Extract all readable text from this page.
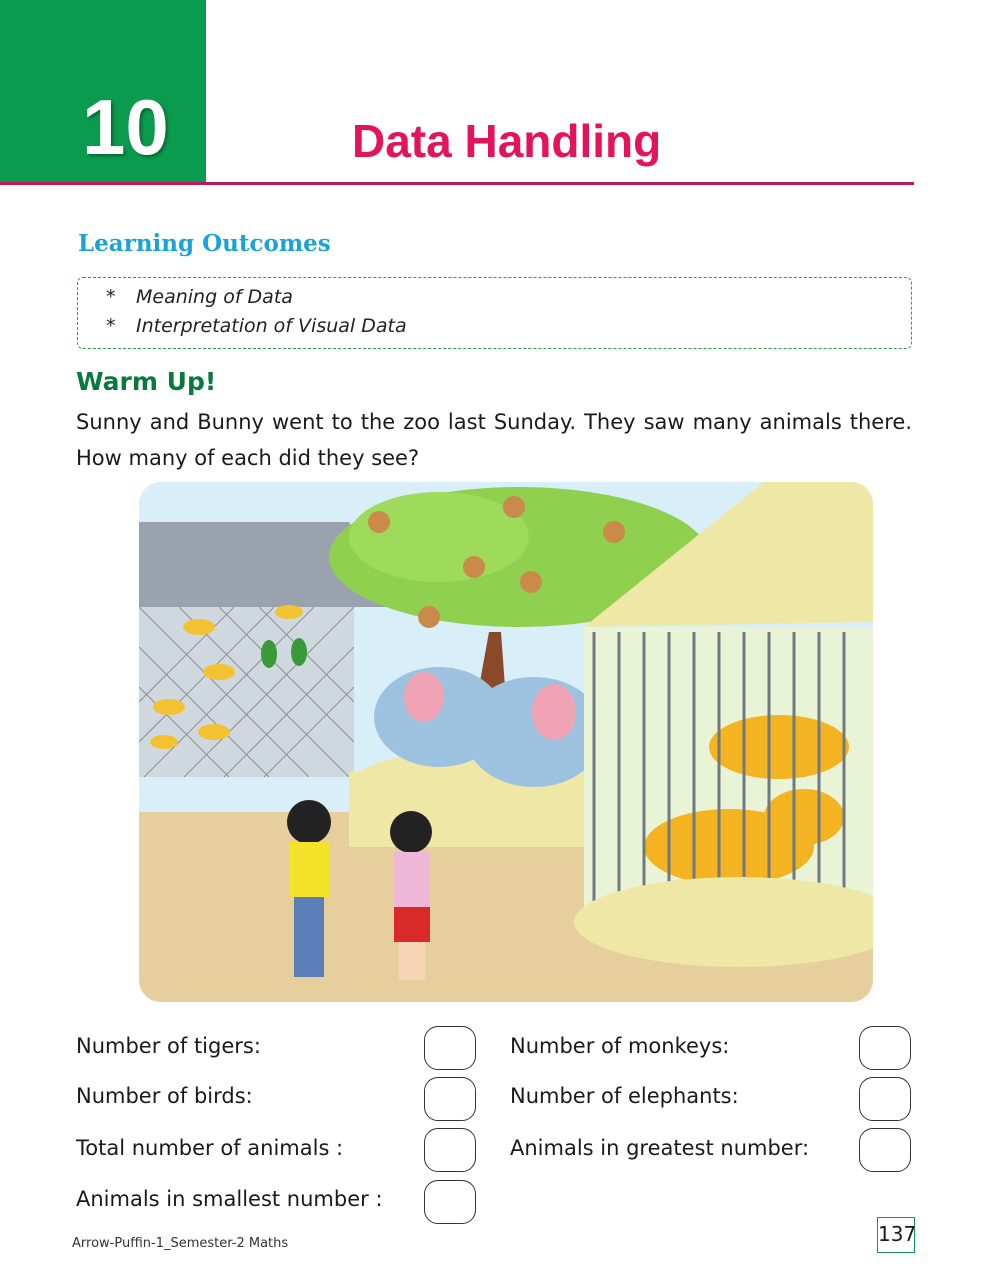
10	Data Handling
Learning Outcomes
* Meaning of Data
* Interpretation of Visual Data
Warm Up!
Sunny and Bunny went to the zoo last Sunday. They saw many animals there. How many of each did they see?
Number of tigers:
Number of birds:
Total number of animals :
Animals in smallest number :
Number of monkeys:
Number of elephants:
Animals in greatest number:
Arrow-Puffin-1_Semester-2 Maths	137
